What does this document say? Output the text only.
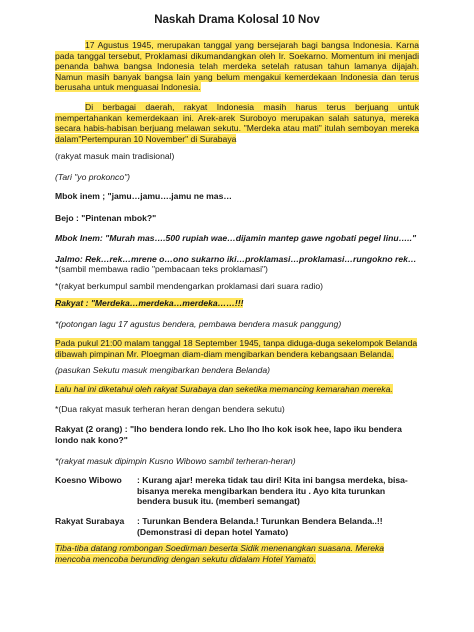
Naskah Drama Kolosal 10 Nov

17 Agustus 1945, merupakan tanggal yang bersejarah bagi bangsa Indonesia. Karna pada tanggal tersebut, Proklamasi dikumandangkan oleh Ir. Soekarno. Momentum ini menjadi penanda bahwa bangsa Indonesia telah merdeka setelah ratusan tahun lamanya dijajah. Namun masih banyak bangsa lain yang belum mengakui kemerdekaan Indonesia dan terus berusaha untuk menguasai Indonesia.

Di berbagai daerah, rakyat Indonesia masih harus terus berjuang untuk mempertahankan kemerdekaan ini. Arek-arek Suroboyo merupakan salah satunya, mereka secara habis-habisan berjuang melawan sekutu. "Merdeka atau mati" itulah semboyan mereka dalam"Pertempuran 10 November" di Surabaya

(rakyat masuk main tradisional)

(Tari "yo prokonco")

Mbok inem ; "jamu…jamu….jamu ne mas…

Bejo : "Pintenan mbok?"

Mbok Inem: "Murah mas….500 rupiah wae…dijamin mantep gawe ngobati pegel linu….."

Jalmo: Rek…rek…mrene o…ono sukarno iki…proklamasi…proklamasi…rungokno rek…

*(sambil membawa radio "pembacaan teks proklamasi")

*(rakyat berkumpul sambil mendengarkan proklamasi dari suara radio)

Rakyat : "Merdeka…merdeka…merdeka……!!!

*(potongan lagu 17 agustus bendera, pembawa bendera masuk panggung)

Pada pukul 21:00 malam tanggal 18 September 1945, tanpa diduga-duga sekelompok Belanda dibawah pimpinan Mr. Ploegman diam-diam mengibarkan bendera kebangsaan Belanda.

(pasukan Sekutu masuk mengibarkan bendera Belanda)

Lalu hal ini diketahui oleh rakyat Surabaya dan seketika memancing kemarahan mereka.

*(Dua rakyat masuk terheran heran dengan bendera sekutu)

Rakyat (2 orang) : "Iho bendera londo rek. Lho lho lho kok isok hee, lapo iku bendera londo nak kono?"

*(rakyat masuk dipimpin Kusno Wibowo sambil terheran-heran)

Koesno Wibowo	: Kurang ajar! mereka tidak tau diri! Kita ini bangsa merdeka, bisa-bisanya mereka mengibarkan bendera itu . Ayo kita turunkan bendera busuk itu. (memberi semangat)
Rakyat Surabaya	: Turunkan Bendera Belanda.! Turunkan Bendera Belanda..!! (Demonstrasi di depan hotel Yamato)

Tiba-tiba datang rombongan Soedirman beserta Sidik menenangkan suasana. Mereka mencoba mencoba berunding dengan sekutu didalam Hotel Yamato.
